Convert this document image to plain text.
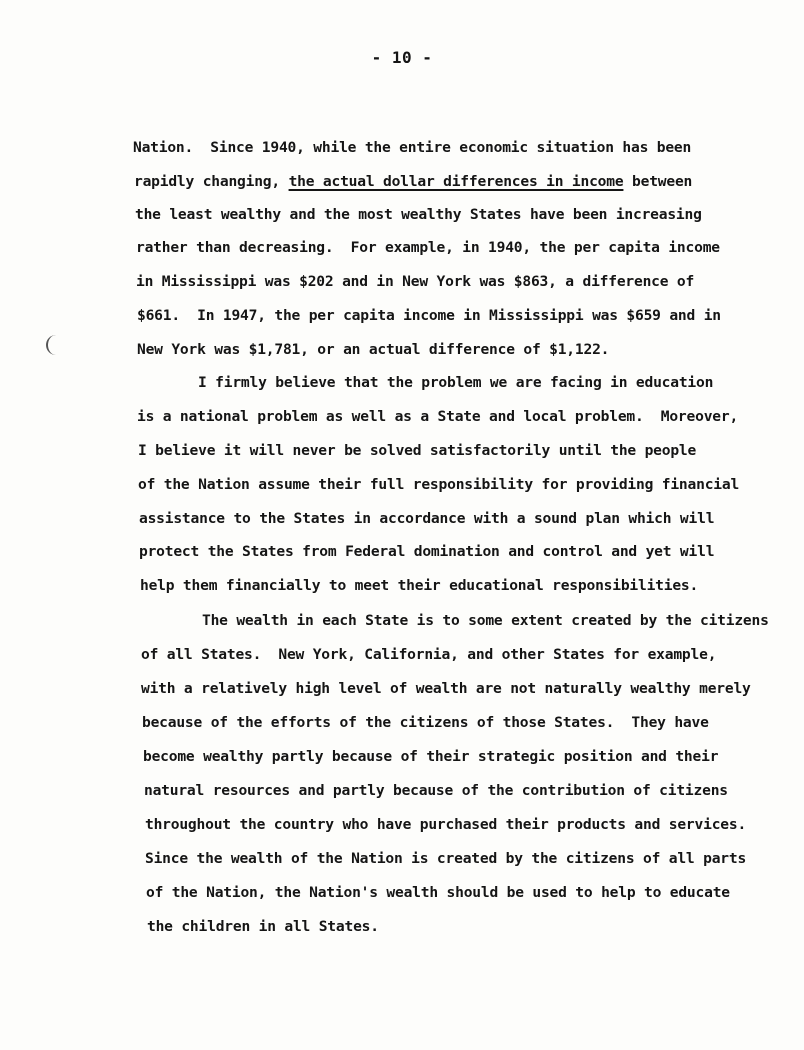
- 10 -
Nation.  Since 1940, while the entire economic situation has been
rapidly changing, the actual dollar differences in income between
the least wealthy and the most wealthy States have been increasing
rather than decreasing.  For example, in 1940, the per capita income
in Mississippi was $202 and in New York was $863, a difference of
$661.  In 1947, the per capita income in Mississippi was $659 and in
New York was $1,781, or an actual difference of $1,122.
I firmly believe that the problem we are facing in education
is a national problem as well as a State and local problem.  Moreover,
I believe it will never be solved satisfactorily until the people
of the Nation assume their full responsibility for providing financial
assistance to the States in accordance with a sound plan which will
protect the States from Federal domination and control and yet will
help them financially to meet their educational responsibilities.
The wealth in each State is to some extent created by the citizens
of all States.  New York, California, and other States for example,
with a relatively high level of wealth are not naturally wealthy merely
because of the efforts of the citizens of those States.  They have
become wealthy partly because of their strategic position and their
natural resources and partly because of the contribution of citizens
throughout the country who have purchased their products and services.
Since the wealth of the Nation is created by the citizens of all parts
of the Nation, the Nation's wealth should be used to help to educate
the children in all States.
